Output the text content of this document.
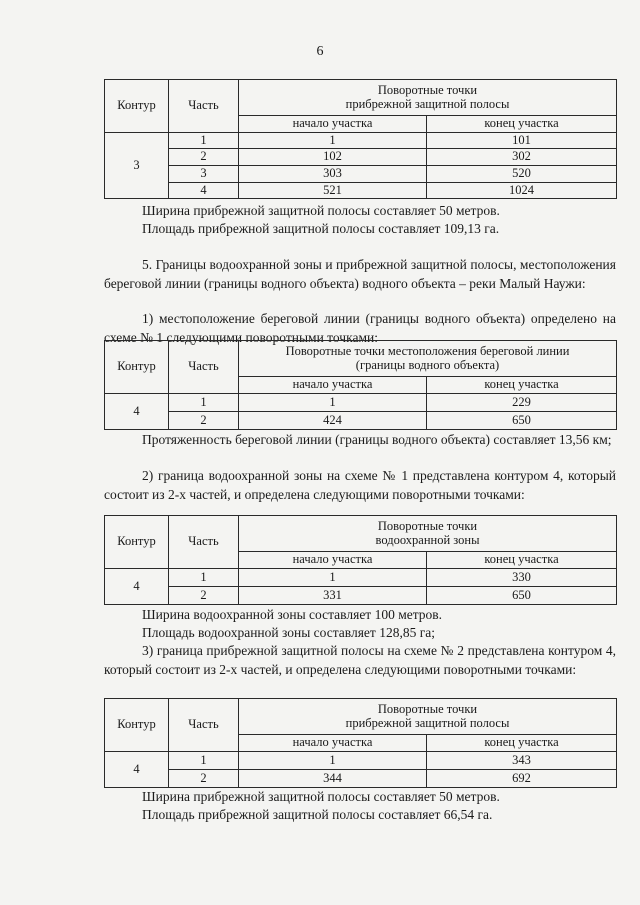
6
Контур	Часть	Поворотные точки
прибрежной защитной полосы	
		начало участка	конец участка
3	1	1	101
	2	102	302
	3	303	520
	4	521	1024
Ширина прибрежной защитной полосы составляет 50 метров.
Площадь прибрежной защитной полосы составляет 109,13 га.
5. Границы водоохранной зоны и прибрежной защитной полосы, местоположения береговой линии (границы водного объекта) водного объекта – реки Малый Наужи:
1) местоположение береговой линии (границы водного объекта) определено на схеме № 1 следующими поворотными точками:
Контур	Часть	Поворотные точки местоположения береговой линии
(границы водного объекта)	
		начало участка	конец участка
4	1	1	229
	2	424	650
Протяженность береговой линии (границы водного объекта) составляет 13,56 км;
2) граница водоохранной зоны на схеме № 1 представлена контуром 4, который состоит из 2-х частей, и определена следующими поворотными точками:
Контур	Часть	Поворотные точки
водоохранной зоны	
		начало участка	конец участка
4	1	1	330
	2	331	650
Ширина водоохранной зоны составляет 100 метров.
Площадь водоохранной зоны составляет 128,85 га;
3) граница прибрежной защитной полосы на схеме № 2 представлена контуром 4, который состоит из 2-х частей, и определена следующими поворотными точками:
Контур	Часть	Поворотные точки
прибрежной защитной полосы	
		начало участка	конец участка
4	1	1	343
	2	344	692
Ширина прибрежной защитной полосы составляет 50 метров.
Площадь прибрежной защитной полосы составляет 66,54 га.
